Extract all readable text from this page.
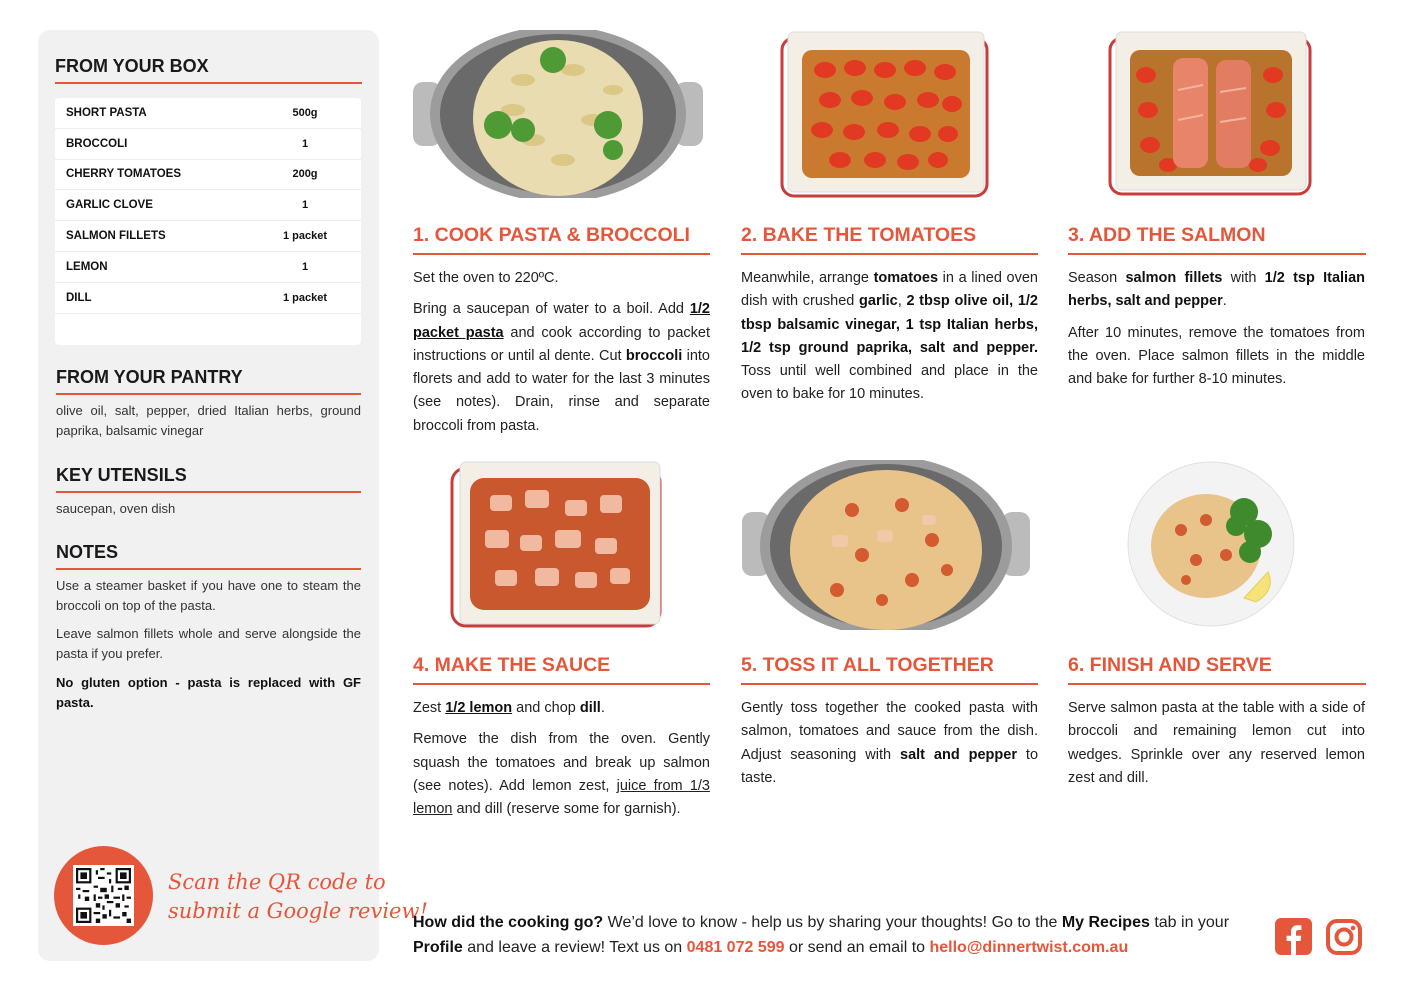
FROM YOUR BOX
SHORT PASTA	500g
BROCCOLI	1
CHERRY TOMATOES	200g
GARLIC CLOVE	1
SALMON FILLETS	1 packet
LEMON	1
DILL	1 packet
FROM YOUR PANTRY
olive oil, salt, pepper, dried Italian herbs, ground paprika, balsamic vinegar
KEY UTENSILS
saucepan, oven dish
NOTES
Use a steamer basket if you have one to steam the broccoli on top of the pasta.
Leave salmon fillets whole and serve alongside the pasta if you prefer.
No gluten option - pasta is replaced with GF pasta.
Scan the QR code to
submit a Google review!
1. COOK PASTA & BROCCOLI

Set the oven to 220ºC.

Bring a saucepan of water to a boil. Add 1/2 packet pasta and cook according to packet instructions or until al dente. Cut broccoli into florets and add to water for the last 3 minutes (see notes). Drain, rinse and separate broccoli from pasta.

2. BAKE THE TOMATOES

Meanwhile, arrange tomatoes in a lined oven dish with crushed garlic, 2 tbsp olive oil, 1/2 tbsp balsamic vinegar, 1 tsp Italian herbs, 1/2 tsp ground paprika, salt and pepper. Toss until well combined and place in the oven to bake for 10 minutes.

3. ADD THE SALMON

Season salmon fillets with 1/2 tsp Italian herbs, salt and pepper.

After 10 minutes, remove the tomatoes from the oven. Place salmon fillets in the middle and bake for further 8-10 minutes.

4. MAKE THE SAUCE

Zest 1/2 lemon and chop dill.

Remove the dish from the oven. Gently squash the tomatoes and break up salmon (see notes). Add lemon zest, juice from 1/3 lemon and dill (reserve some for garnish).

5. TOSS IT ALL TOGETHER

Gently toss together the cooked pasta with salmon, tomatoes and sauce from the dish. Adjust seasoning with salt and pepper to taste.

6. FINISH AND SERVE

Serve salmon pasta at the table with a side of broccoli and remaining lemon cut into wedges. Sprinkle over any reserved lemon zest and dill.

How did the cooking go? We’d love to know - help us by sharing your thoughts! Go to the My Recipes tab in your Profile and leave a review! Text us on 0481 072 599 or send an email to hello@dinnertwist.com.au
